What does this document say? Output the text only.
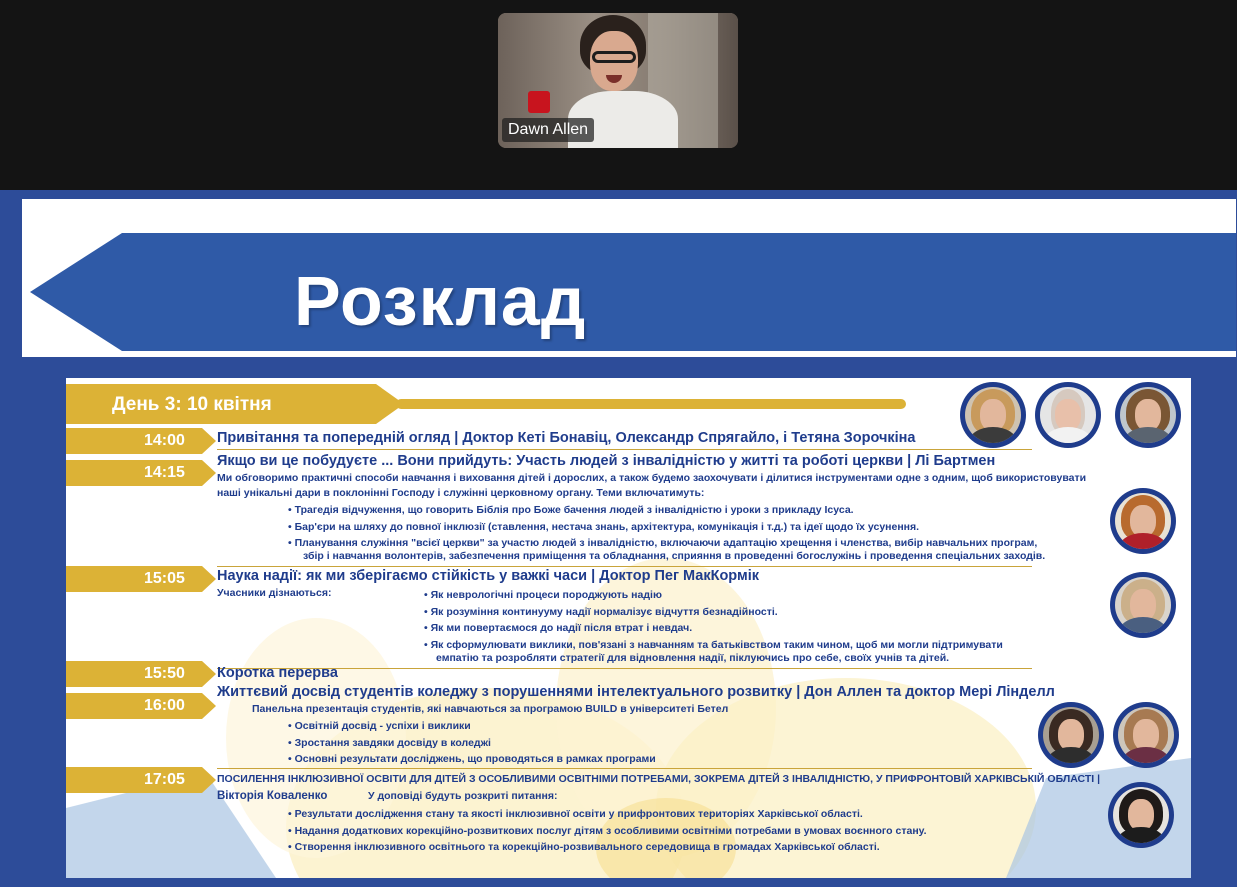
Dawn Allen
Розклад
День 3: 10 квітня
14:00
14:15
15:05
15:50
16:00
17:05
Привітання та попередній огляд | Доктор Кеті Бонавіц, Олександр Спрягайло, і Тетяна Зорочкіна
Якщо ви це побудуєте ... Вони прийдуть: Участь людей з інвалідністю у житті та роботі церкви | Лі Бартмен
Ми обговоримо практичні способи навчання і виховання дітей і дорослих, а також будемо заохочувати і ділитися інструментами одне з одним, щоб використовувати
наші унікальні дари в поклонінні Господу і служінні церковному органу. Теми включатимуть:
• Трагедія відчуження, що говорить Біблія про Боже бачення людей з інвалідністю і уроки з прикладу Ісуса.
• Бар'єри на шляху до повної інклюзії (ставлення, нестача знань, архітектура, комунікація і т.д.) та ідеї щодо їх усунення.
• Планування служіння "всієї церкви" за участю людей з інвалідністю, включаючи адаптацію хрещення і членства, вибір навчальних програм,
збір і навчання волонтерів, забезпечення приміщення та обладнання, сприяння в проведенні богослужінь і проведення спеціальних заходів.
Наука надії: як ми зберігаємо стійкість у важкі часи | Доктор Пег МакКормік
Учасники дізнаються:
•	Як неврологічні процеси породжують надію
• Як розуміння континууму надії нормалізує відчуття безнадійності.
• Як ми повертаємося до надії після втрат і невдач.
• Як сформулювати виклики, пов'язані з навчанням та батьківством таким чином, щоб ми могли підтримувати
емпатію та розробляти стратегії для відновлення надії, піклуючись про себе, своїх учнів та дітей.
Коротка перерва
Життєвий досвід студентів коледжу з порушеннями інтелектуального розвитку | Дон Аллен та доктор Мері Лінделл
Панельна презентація студентів, які навчаються за програмою BUILD в університеті Бетел
• Освітній досвід - успіхи і виклики
• Зростання завдяки досвіду в коледжі
• Основні результати досліджень, що проводяться в рамках програми
ПОСИЛЕННЯ ІНКЛЮЗИВНОЇ ОСВІТИ ДЛЯ ДІТЕЙ З ОСОБЛИВИМИ ОСВІТНІМИ ПОТРЕБАМИ, ЗОКРЕМА ДІТЕЙ З ІНВАЛІДНІСТЮ, У ПРИФРОНТОВІЙ ХАРКІВСЬКІЙ ОБЛАСТІ |
Вікторія Коваленко	У доповіді будуть розкриті питання:
• Результати дослідження стану та якості інклюзивної освіти у прифронтових територіях Харківської області.
• Надання додаткових корекційно-розвиткових послуг дітям з особливими освітніми потребами в умовах воєнного стану.
• Створення інклюзивного освітнього та корекційно-розвивального середовища в громадах Харківської області.
